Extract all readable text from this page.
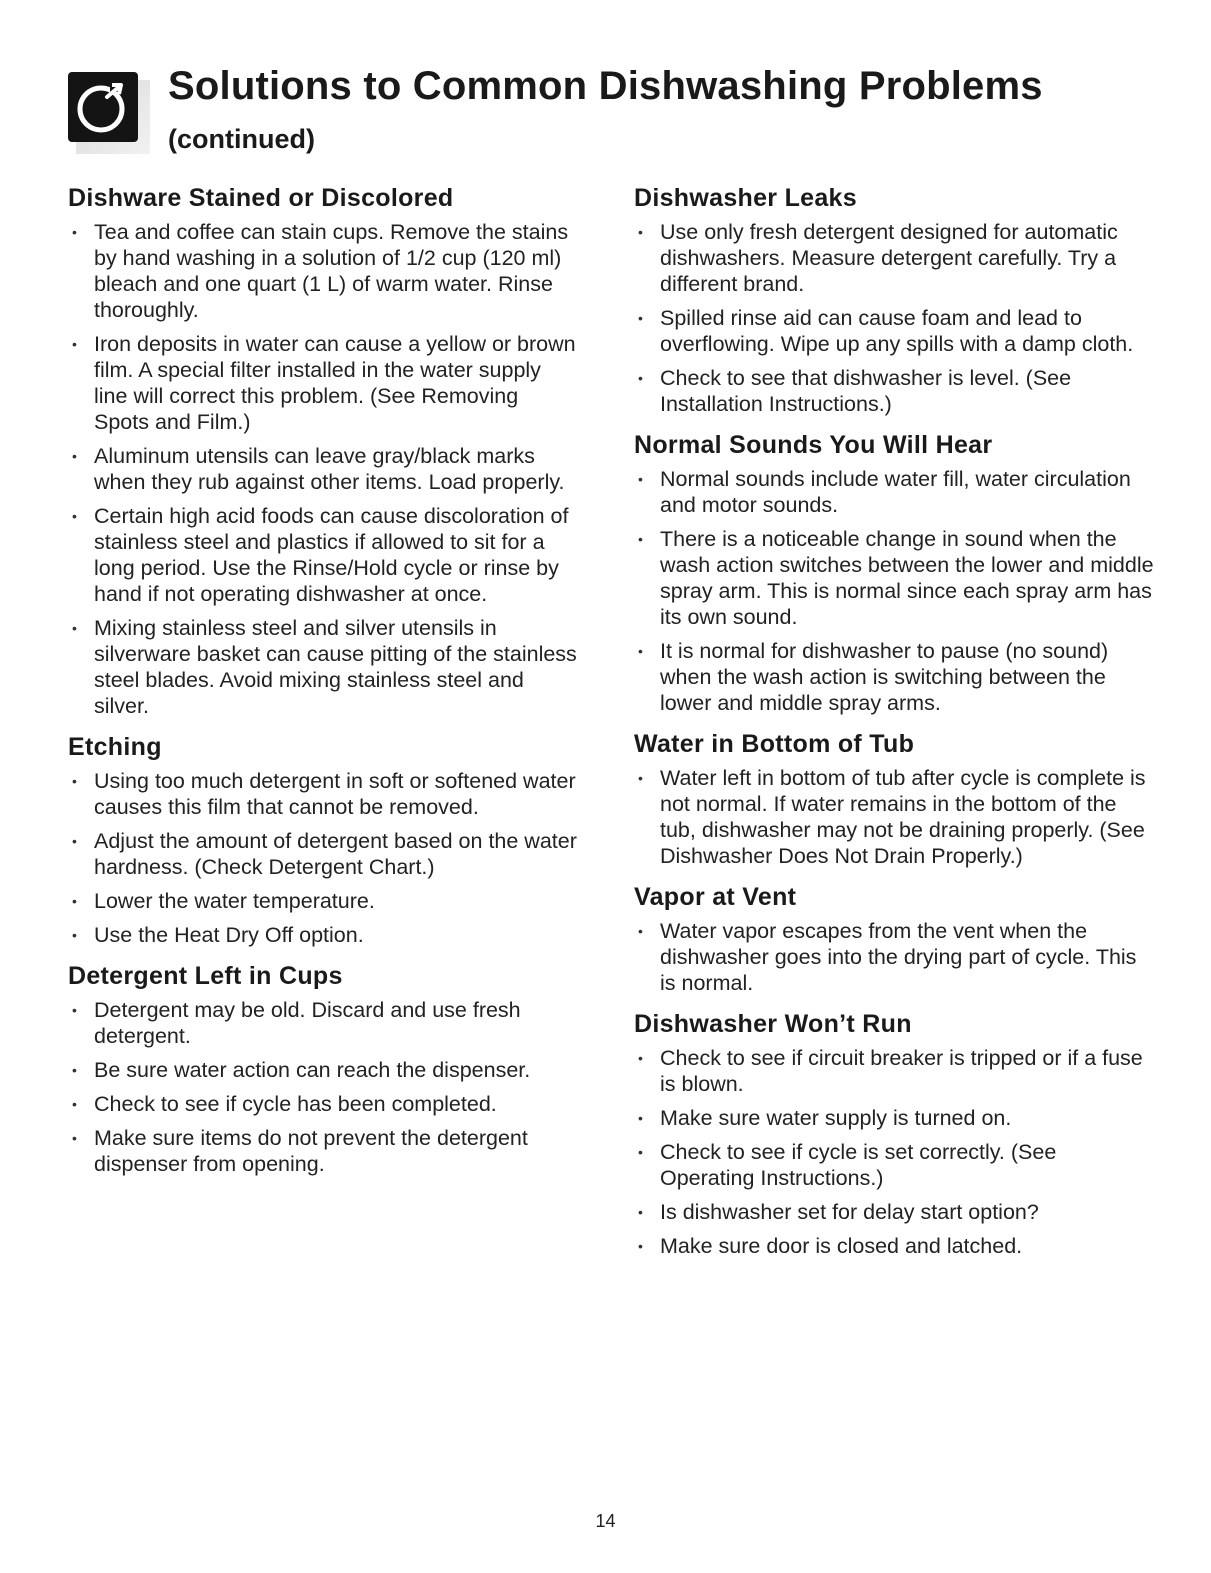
Solutions to Common Dishwashing Problems
(continued)
Dishware Stained or Discolored
• Tea and coffee can stain cups. Remove the stains by hand washing in a solution of 1/2 cup (120 ml) bleach and one quart (1 L) of warm water. Rinse thoroughly.
• Iron deposits in water can cause a yellow or brown film. A special filter installed in the water supply line will correct this problem. (See Removing Spots and Film.)
• Aluminum utensils can leave gray/black marks when they rub against other items. Load properly.
• Certain high acid foods can cause discoloration of stainless steel and plastics if allowed to sit for a long period. Use the Rinse/Hold cycle or rinse by hand if not operating dishwasher at once.
• Mixing stainless steel and silver utensils in silverware basket can cause pitting of the stainless steel blades. Avoid mixing stainless steel and silver.
Etching
• Using too much detergent in soft or softened water causes this film that cannot be removed.
• Adjust the amount of detergent based on the water hardness. (Check Detergent Chart.)
• Lower the water temperature.
• Use the Heat Dry Off option.
Detergent Left in Cups
• Detergent may be old. Discard and use fresh detergent.
• Be sure water action can reach the dispenser.
• Check to see if cycle has been completed.
• Make sure items do not prevent the detergent dispenser from opening.
Dishwasher Leaks
• Use only fresh detergent designed for automatic dishwashers. Measure detergent carefully. Try a different brand.
• Spilled rinse aid can cause foam and lead to overflowing. Wipe up any spills with a damp cloth.
• Check to see that dishwasher is level. (See Installation Instructions.)
Normal Sounds You Will Hear
• Normal sounds include water fill, water circulation and motor sounds.
• There is a noticeable change in sound when the wash action switches between the lower and middle spray arm. This is normal since each spray arm has its own sound.
• It is normal for dishwasher to pause (no sound) when the wash action is switching between the lower and middle spray arms.
Water in Bottom of Tub
• Water left in bottom of tub after cycle is complete is not normal. If water remains in the bottom of the tub, dishwasher may not be draining properly. (See Dishwasher Does Not Drain Properly.)
Vapor at Vent
• Water vapor escapes from the vent when the dishwasher goes into the drying part of cycle. This is normal.
Dishwasher Won’t Run
• Check to see if circuit breaker is tripped or if a fuse is blown.
• Make sure water supply is turned on.
• Check to see if cycle is set correctly. (See Operating Instructions.)
• Is dishwasher set for delay start option?
• Make sure door is closed and latched.
14
